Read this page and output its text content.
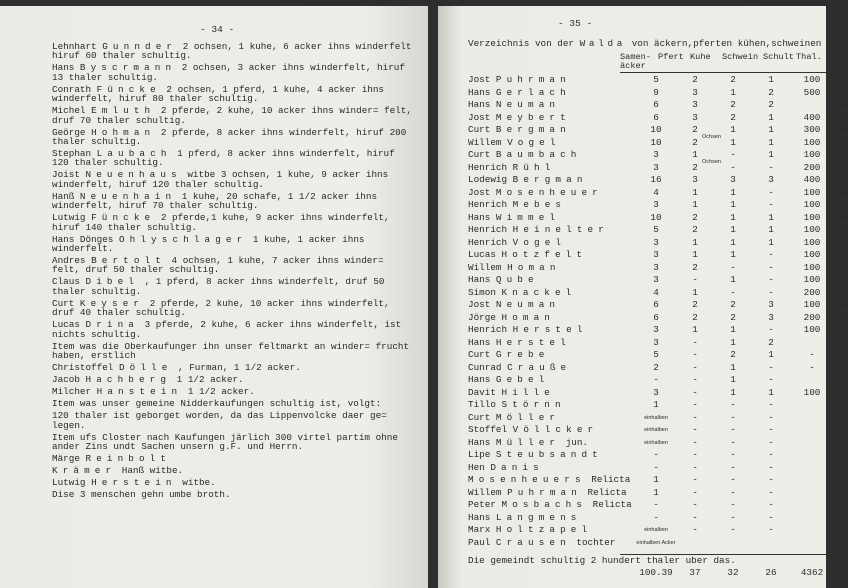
- 34 -
Lehnhart Gunnder 2 ochsen, 1 kuhe, 6 acker ihns winderfelt hiruf 60 thaler schultig.
Hans Byscrmann 2 ochsen, 3 acker ihns winderfelt, hiruf 13 thaler schultig.
Conrath Füncke 2 ochsen, 1 pferd, 1 kuhe, 4 acker ihns winderfelt, hiruf 80 thaler schultig.
Michel Emluth 2 pferde, 2 kuhe, 10 acker ihns winder= felt, druf 70 thaler schultig.
Geörge Hohman 2 pferde, 8 acker ihns winderfelt, hiruf 200 thaler schultig.
Stephan Laubach 1 pferd, 8 acker ihns winderfelt, hiruf 120 thaler schultig.
Joist Neuenhaus witbe 3 ochsen, 1 kuhe, 9 acker ihns winderfelt, hiruf 120 thaler schultig.
Hanß Neuenhain 1 kuhe, 20 schafe, 1 1/2 acker ihns winderfelt, hiruf 70 thaler schultig.
Lutwig Füncke 2 pferde,1 kuhe, 9 acker ihns winderfelt, hiruf 140 thaler schultig.
Hans Dönges Ohlyschlager 1 kuhe, 1 acker ihns winderfelt.
Andres Bertolt 4 ochsen, 1 kuhe, 7 acker ihns winder= felt, druf 50 thaler schultig.
Claus Dibel , 1 pferd, 8 acker ihns winderfelt, druf 50 thaler schultig.
Curt Keyser 2 pferde, 2 kuhe, 10 acker ihns winderfelt, druf 40 thaler schultig.
Lucas Drina 3 pferde, 2 kuhe, 6 acker ihns winderfelt, ist nichts schultig.
Item was die Oberkaufunger ihn unser feltmarkt an winder= frucht haben, erstlich
Christoffel Dölle , Furman, 1 1/2 acker.
Jacob Hachberg 1 1/2 acker.
Milcher Hanstein 1 1/2 acker.
Item was unser gemeine Nidderkaufungen schultig ist, volgt:
120 thaler ist geborget worden, da das Lippenvolcke daer ge= legen.
Item ufs Closter nach Kaufungen järlich 300 virtel partim ohne ander Zins undt Sachen unsern g.F. und Herrn.
Märge Reinbolt
Krämer Hanß witbe.
Lutwig Herstein witbe.
Dise 3 menschen gehn umbe broth.
- 35 -
Verzeichnis von der Walda von äckern,pferten kühen,schweinen
Samen-
äcker
Pfert Kuhe Schwein Schult Thal.
Jost Puhrman	5	2	2	1	100 20
Hans Gerlach	9	3	1	2	500 30
Hans Neuman	6	3	2	2	60
Jost Meybert	6	3	2	1	400 10
Curt Bergman	10	2	1	1	300 50
Ochsen
Willem Vogel	10	2	1	1	100 60
Curt Baumbach	3	1	-	1	100
Ochsen
Henrich Rühl	3	2	-	-	200
Lodewig Bergman	16	3	3	3	400
Jost Mosenheuer	4	1	1	-	100 50
Henrich Mebes	3	1	1	-	100 50
Hans Wimmel	10	2	1	1	100 40
Henrich Heinelter	5	2	1	1	100
Henrich Vogel	3	1	1	1	100
Lucas Hotzfelt	3	1	1	-	100
Willem Homan	3	2	-	-	100 20
Hans Qube	3	-	1	-	100 20
Simon Knackel	4	1	-	-	200
Jost Neuman	6	2	2	3	100 80
Jörge Homan	6	2	2	3	200 50
Henrich Herstel	3	1	1	-	100
Hans Herstel	3	-	1	2	20
Curt Grebe	5	-	2	1	-
Cunrad Crauße	2	-	1	-	-
Hans Gebel	-	-	1	-	10
Davit Hille	3	-	1	1	100
Tillo Störnn	1	-	-	-	40
Curt Möller	einhalben	-	-	-	10
Stoffel Völlcker	einhalben	-	-	-	12
Hans Müller jun.	einhalben	-	-	-	40
Lipe Steubsandt	-	-	-	-	-
Hen Danis	-	-	-	-	-
Mosenheuers Relicta 1	-	-	-	40
Willem Puhrman Relicta	1	-	-	-	20
Peter Mosbachs Relicta -	-	-	-	-
Hans Langmens	-	-	-	-	-
Marx Holtzapel	einhalben	-	-	-	-
Paul Crausen tochter	einhalben Acker
Die gemeindt schultig 2 hundert thaler uber das.
100.39 37	32	26	4362
